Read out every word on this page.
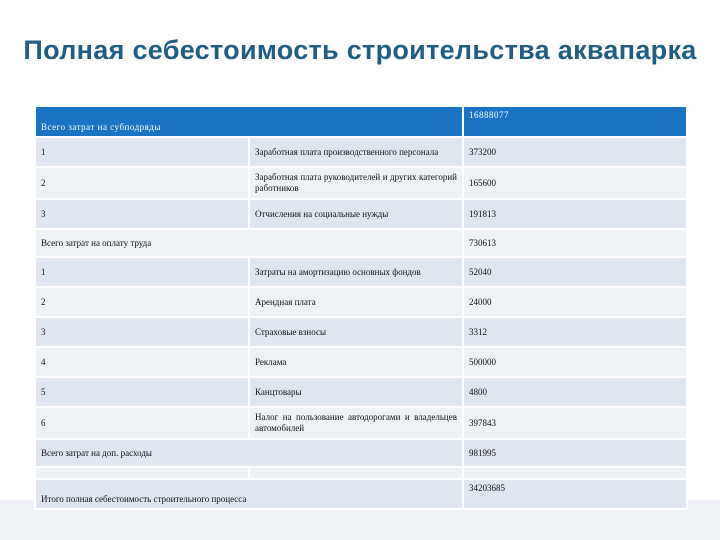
Полная себестоимость строительства аквапарка
Всего затрат на субподряды		16888077
1	Заработная плата производственного персонала	373200
2	Заработная плата руководителей и других категорий работников	165600
3	Отчисления на социальные нужды	191813
Всего затрат на оплату труда		730613
1	Затраты на амортизацию основных фондов	52040
2	Арендная плата	24000
3	Страховые взносы	3312
4	Реклама	500000
5	Канцтовары	4800
6	Налог на пользование автодорогами и владельцев автомобилей	397843
Всего затрат на доп. расходы		981995

Итого полная себестоимость строительного процесса		34203685
